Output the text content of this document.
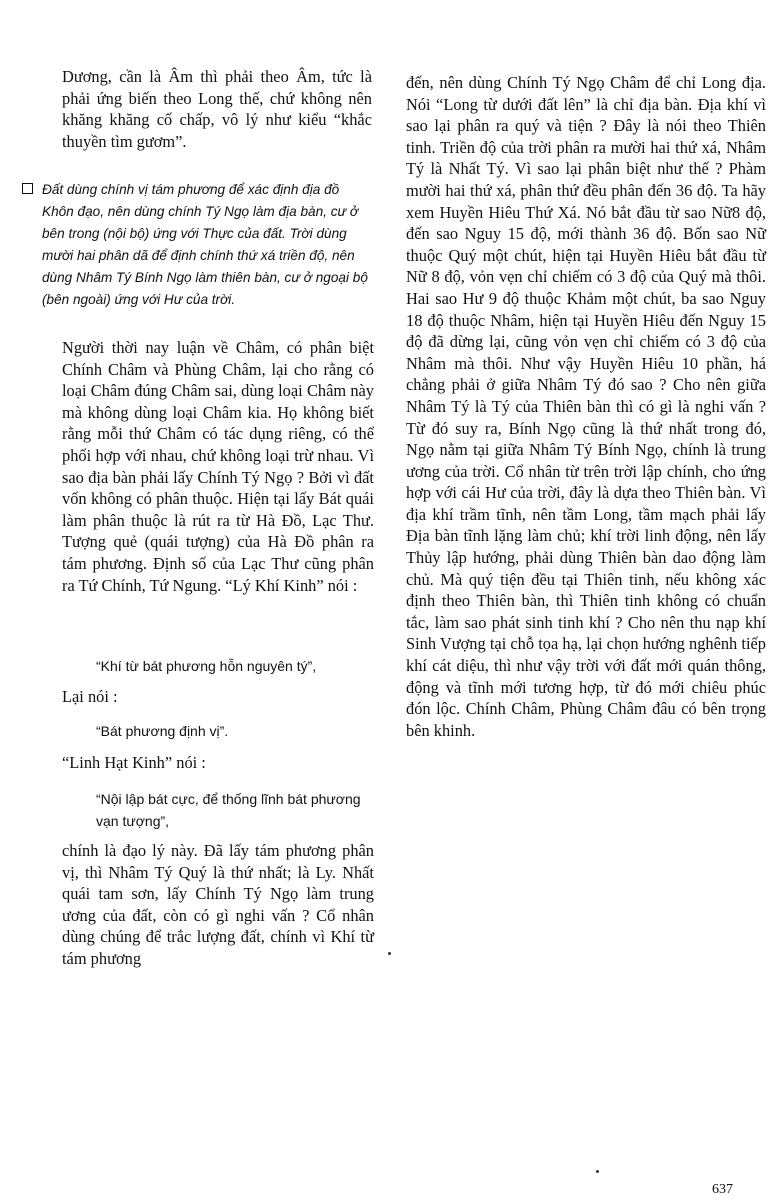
Dương, cần là Âm thì phải theo Âm, tức là phải ứng biến theo Long thế, chứ không nên khăng khăng cố chấp, vô lý như kiểu “khắc thuyền tìm gươm”.

Đất dùng chính vị tám phương để xác định địa đồ Khôn đạo, nên dùng chính Tý Ngọ làm địa bàn, cư ở bên trong (nội bộ) ứng với Thực của đất. Trời dùng mười hai phân dã để định chính thứ xá triền độ, nên dùng Nhâm Tý Bính Ngọ làm thiên bàn, cư ở ngoại bộ (bên ngoài) ứng với Hư của trời.

Người thời nay luận về Châm, có phân biệt Chính Châm và Phùng Châm, lại cho rằng có loại Châm đúng Châm sai, dùng loại Châm này mà không dùng loại Châm kia. Họ không biết rằng mỗi thứ Châm có tác dụng riêng, có thể phối hợp với nhau, chứ không loại trừ nhau. Vì sao địa bàn phải lấy Chính Tý Ngọ ? Bởi vì đất vốn không có phân thuộc. Hiện tại lấy Bát quái làm phân thuộc là rút ra từ Hà Đồ, Lạc Thư. Tượng quẻ (quái tượng) của Hà Đồ phân ra tám phương. Định số của Lạc Thư cũng phân ra Tứ Chính, Tứ Ngung. “Lý Khí Kinh” nói :

“Khí từ bát phương hỗn nguyên tý”,

Lại nói :

“Bát phương định vị”.

“Linh Hạt Kinh” nói :

“Nội lập bát cực, để thống lĩnh bát phương vạn tượng”,

chính là đạo lý này. Đã lấy tám phương phân vị, thì Nhâm Tý Quý là thứ nhất; là Ly. Nhất quái tam sơn, lấy Chính Tý Ngọ làm trung ương của đất, còn có gì nghi vấn ? Cổ nhân dùng chúng để trắc lượng đất, chính vì Khí từ tám phương

đến, nên dùng Chính Tý Ngọ Châm để chỉ Long địa. Nói “Long từ dưới đất lên” là chỉ địa bàn. Địa khí vì sao lại phân ra quý và tiện ? Đây là nói theo Thiên tinh. Triền độ của trời phân ra mười hai thứ xá, Nhâm Tý là Nhất Tý. Vì sao lại phân biệt như thế ? Phàm mười hai thứ xá, phân thứ đều phân đến 36 độ. Ta hãy xem Huyền Hiêu Thứ Xá. Nó bắt đầu từ sao Nữ8 độ, đến sao Nguy 15 độ, mới thành 36 độ. Bốn sao Nữ thuộc Quý một chút, hiện tại Huyền Hiêu bắt đầu từ Nữ 8 độ, vỏn vẹn chỉ chiếm có 3 độ của Quý mà thôi. Hai sao Hư 9 độ thuộc Khảm một chút, ba sao Nguy 18 độ thuộc Nhâm, hiện tại Huyền Hiêu đến Nguy 15 độ đã dừng lại, cũng vỏn vẹn chỉ chiếm có 3 độ của Nhâm mà thôi. Như vậy Huyền Hiêu 10 phần, há chẳng phải ở giữa Nhâm Tý đó sao ? Cho nên giữa Nhâm Tý là Tý của Thiên bàn thì có gì là nghi vấn ? Từ đó suy ra, Bính Ngọ cũng là thứ nhất trong đó, Ngọ nằm tại giữa Nhâm Tý Bính Ngọ, chính là trung ương của trời. Cổ nhân từ trên trời lập chính, cho ứng hợp với cái Hư của trời, đây là dựa theo Thiên bàn. Vì địa khí trầm tĩnh, nên tầm Long, tầm mạch phải lấy Địa bàn tĩnh lặng làm chủ; khí trời linh động, nên lấy Thủy lập hướng, phải dùng Thiên bàn dao động làm chủ. Mà quý tiện đều tại Thiên tinh, nếu không xác định theo Thiên bàn, thì Thiên tinh không có chuẩn tắc, làm sao phát sinh tinh khí ? Cho nên thu nạp khí Sinh Vượng tại chỗ tọa hạ, lại chọn hướng nghênh tiếp khí cát diệu, thì như vậy trời với đất mới quán thông, động và tĩnh mới tương hợp, từ đó mới chiêu phúc đón lộc. Chính Châm, Phùng Châm đâu có bên trọng bên khinh.

637
